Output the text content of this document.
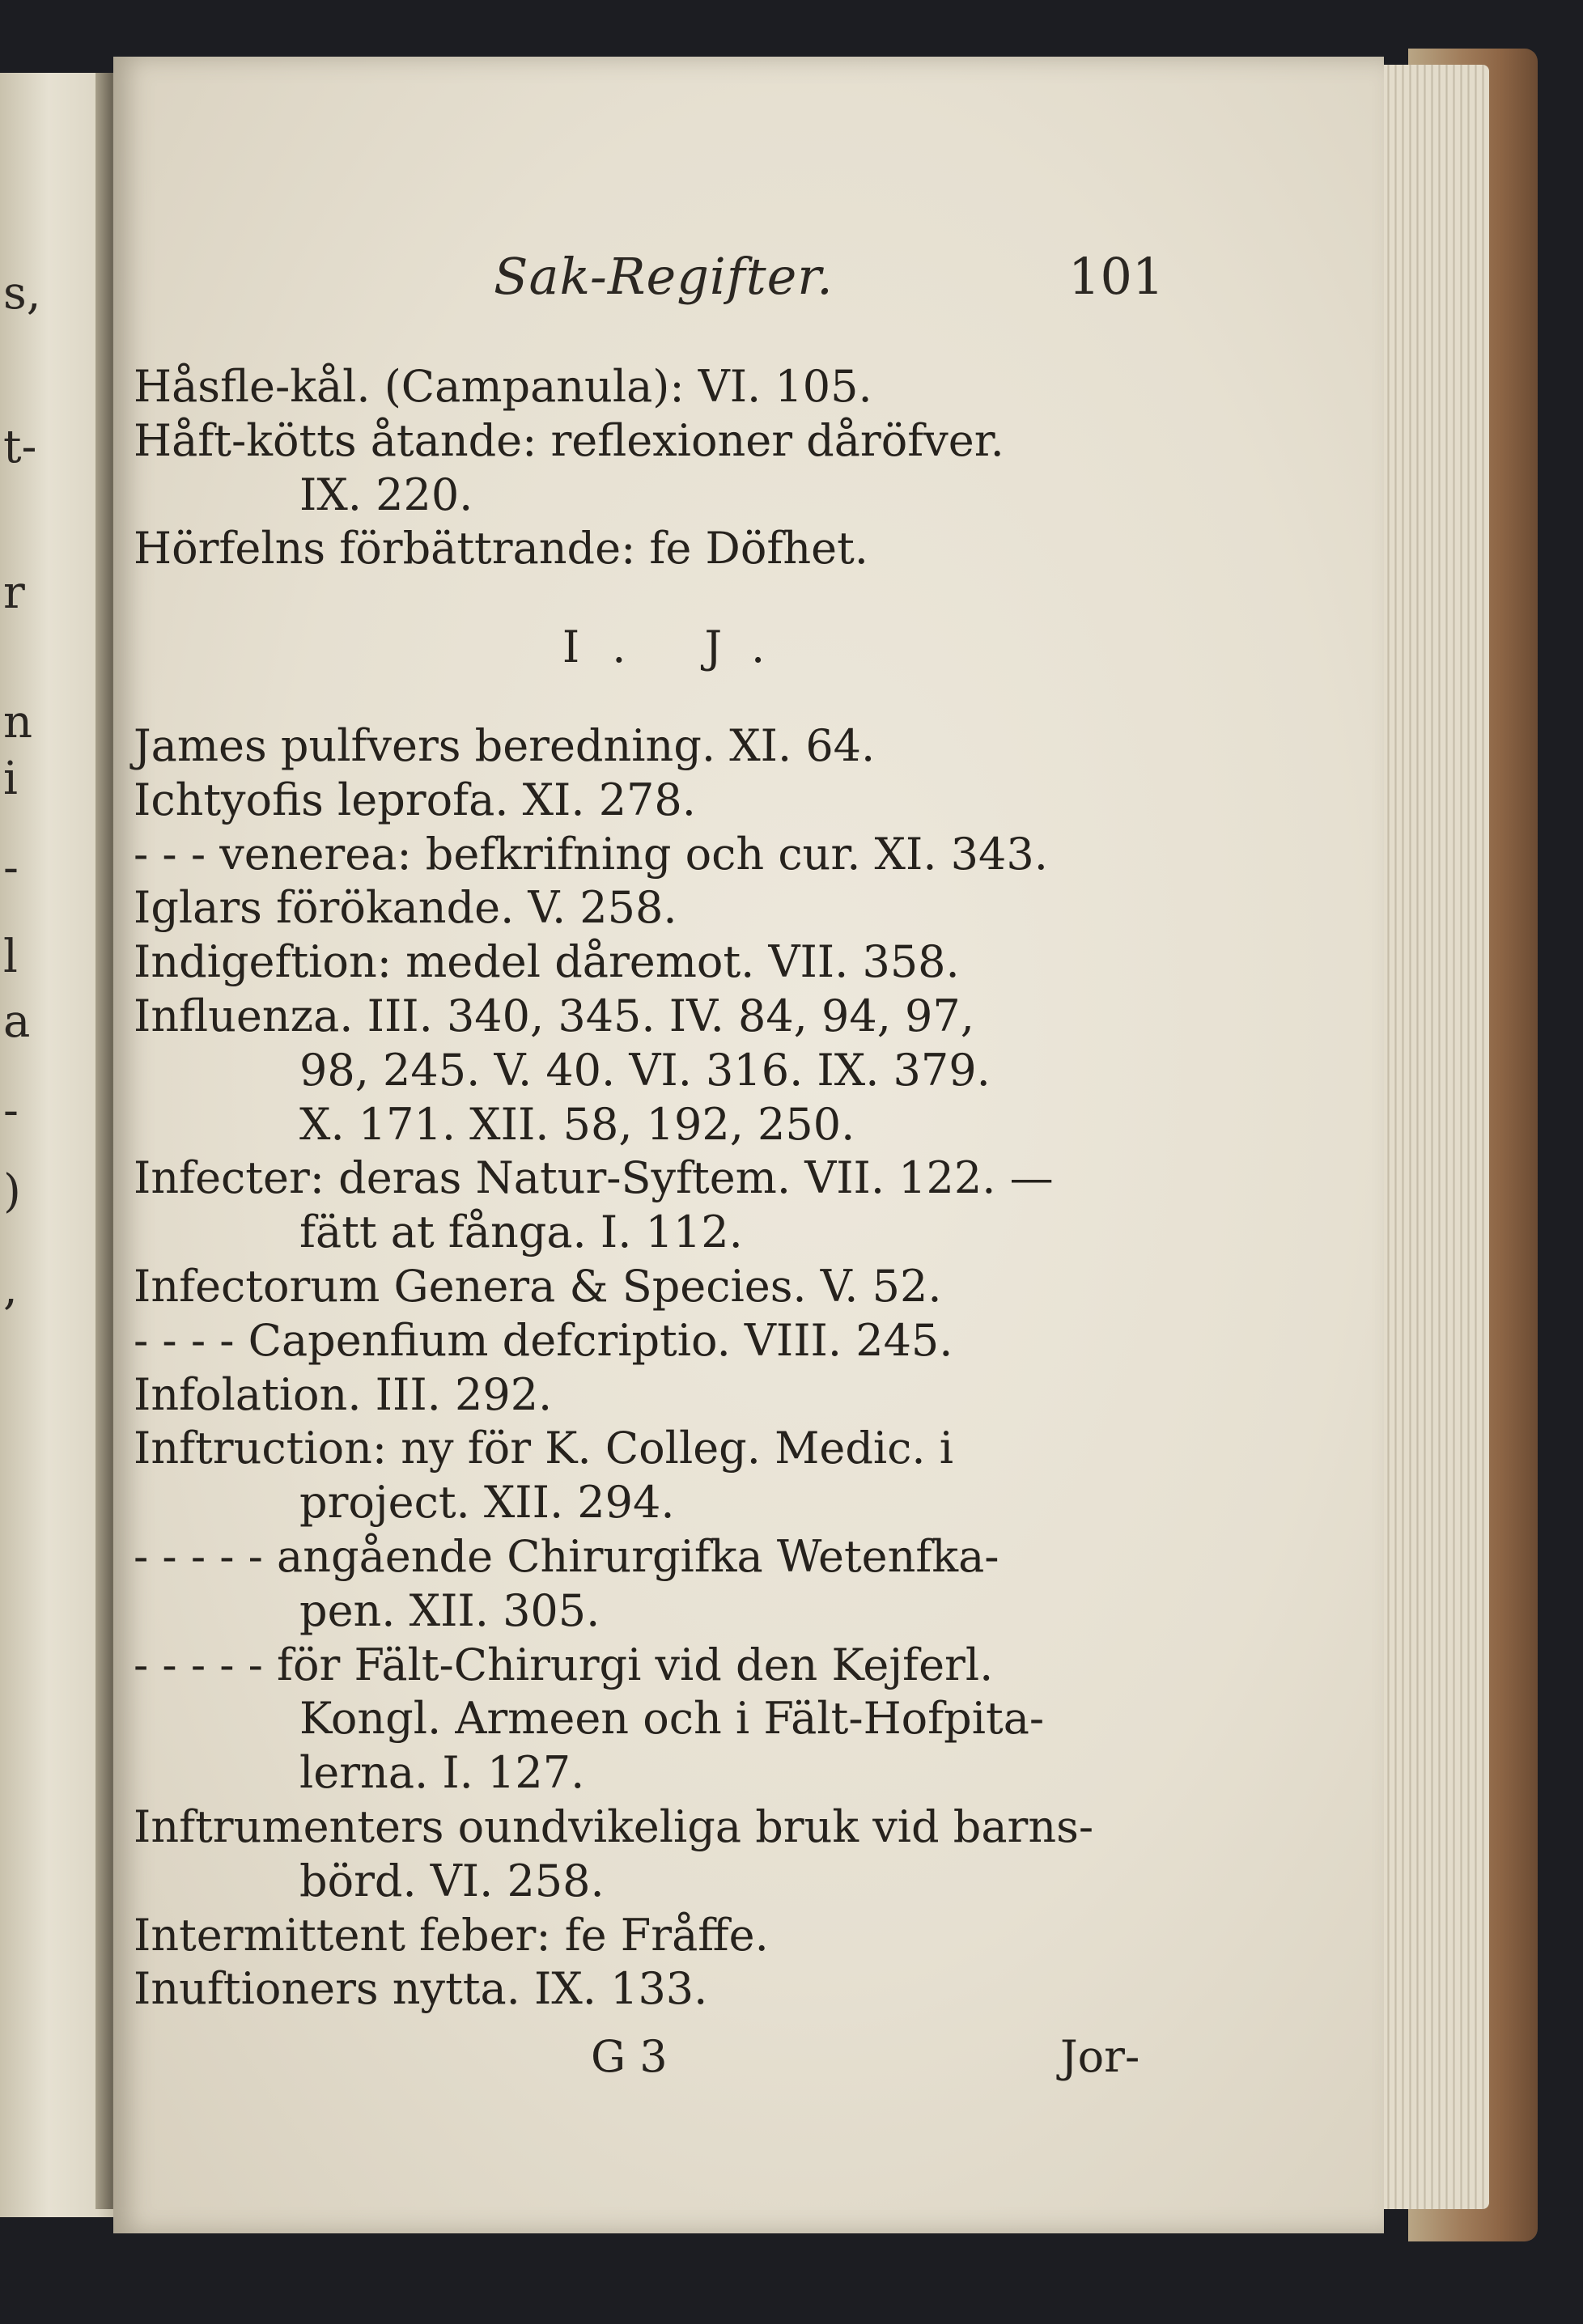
s,
t-
r
n
i
-
l
a
-
)
,
Sak-Regifter.	101
Håsfle-kål. (Campanula): VI. 105.
Håft-kötts åtande: reflexioner dåröfver.
IX. 220.
Hörfelns förbättrande: fe Döfhet.
I. J.
James pulfvers beredning. XI. 64.
Ichtyofis leprofa. XI. 278.
- - - venerea: befkrifning och cur. XI. 343.
Iglars förökande. V. 258.
Indigeftion: medel dåremot. VII. 358.
Influenza. III. 340, 345. IV. 84, 94, 97,
98, 245. V. 40. VI. 316. IX. 379.
X. 171. XII. 58, 192, 250.
Infecter: deras Natur-Syftem. VII. 122. —
fätt at fånga. I. 112.
Infectorum Genera & Species. V. 52.
- - - - Capenfium defcriptio. VIII. 245.
Infolation. III. 292.
Inftruction: ny för K. Colleg. Medic. i
project. XII. 294.
- - - - - angående Chirurgifka Wetenfka-
pen. XII. 305.
- - - - - för Fält-Chirurgi vid den Kejferl.
Kongl. Armeen och i Fält-Hofpita-
lerna. I. 127.
Inftrumenters oundvikeliga bruk vid barns-
börd. VI. 258.
Intermittent feber: fe Fråffe.
Inuftioners nytta. IX. 133.
G 3	Jor-
